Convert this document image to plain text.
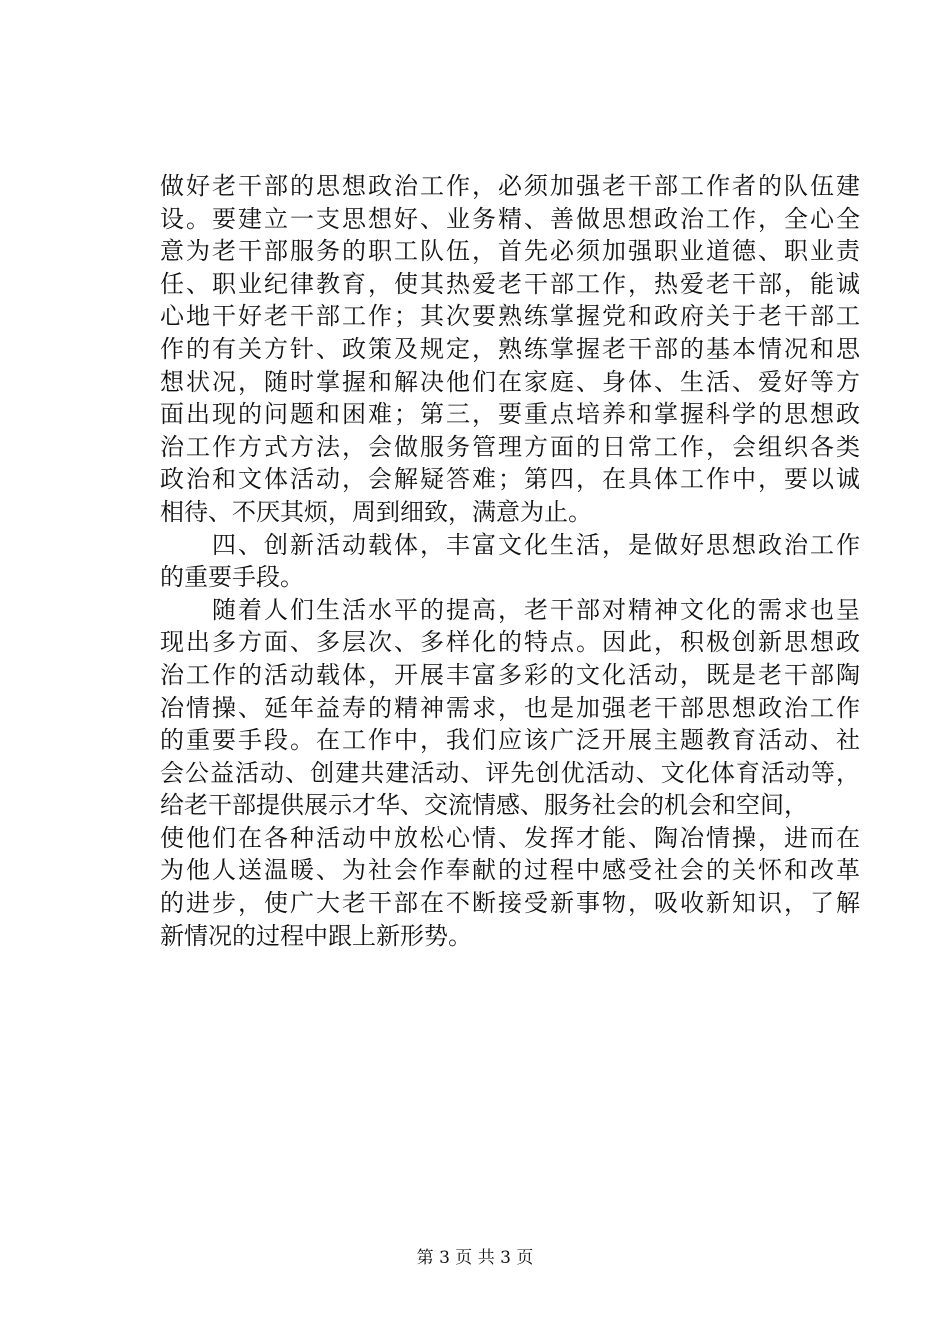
做好老干部的思想政治工作，必须加强老干部工作者的队伍建
设。要建立一支思想好、业务精、善做思想政治工作，全心全
意为老干部服务的职工队伍，首先必须加强职业道德、职业责
任、职业纪律教育，使其热爱老干部工作，热爱老干部，能诚
心地干好老干部工作；其次要熟练掌握党和政府关于老干部工
作的有关方针、政策及规定，熟练掌握老干部的基本情况和思
想状况，随时掌握和解决他们在家庭、身体、生活、爱好等方
面出现的问题和困难；第三，要重点培养和掌握科学的思想政
治工作方式方法，会做服务管理方面的日常工作，会组织各类
政治和文体活动，会解疑答难；第四，在具体工作中，要以诚
相待、不厌其烦，周到细致，满意为止。
　　四、创新活动载体，丰富文化生活，是做好思想政治工作
的重要手段。
　　随着人们生活水平的提高，老干部对精神文化的需求也呈
现出多方面、多层次、多样化的特点。因此，积极创新思想政
治工作的活动载体，开展丰富多彩的文化活动，既是老干部陶
冶情操、延年益寿的精神需求，也是加强老干部思想政治工作
的重要手段。在工作中，我们应该广泛开展主题教育活动、社
会公益活动、创建共建活动、评先创优活动、文化体育活动等，
给老干部提供展示才华、交流情感、服务社会的机会和空间，
使他们在各种活动中放松心情、发挥才能、陶冶情操，进而在
为他人送温暖、为社会作奉献的过程中感受社会的关怀和改革
的进步，使广大老干部在不断接受新事物，吸收新知识，了解
新情况的过程中跟上新形势。
第 3 页 共 3 页
